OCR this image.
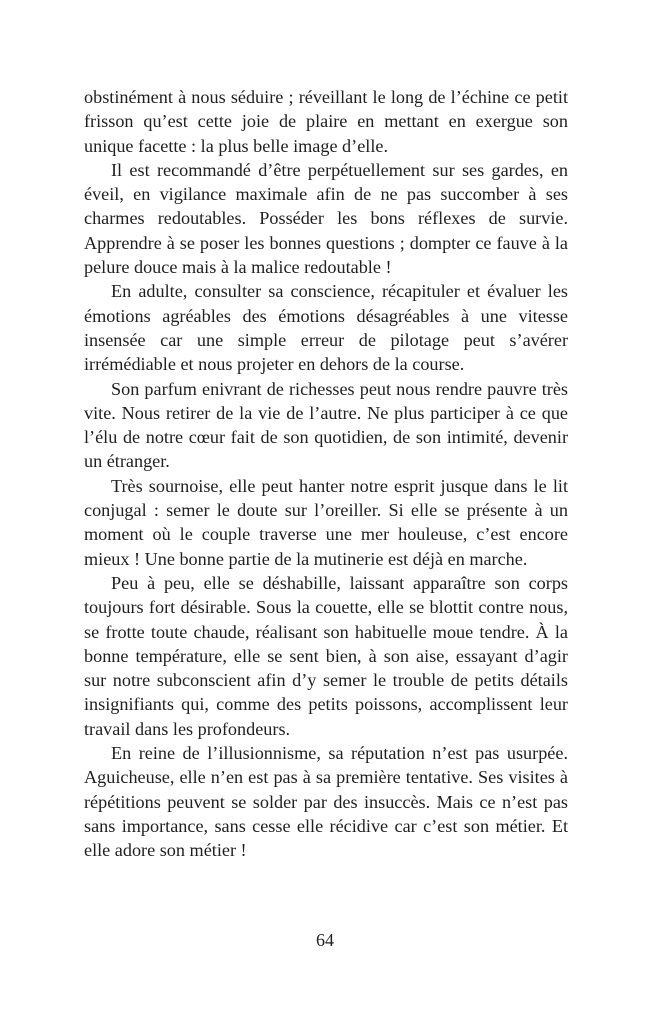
obstinément à nous séduire ; réveillant le long de l’échine ce petit frisson qu’est cette joie de plaire en mettant en exergue son unique facette : la plus belle image d’elle.

Il est recommandé d’être perpétuellement sur ses gardes, en éveil, en vigilance maximale afin de ne pas succomber à ses charmes redoutables. Posséder les bons réflexes de survie. Apprendre à se poser les bonnes questions ; dompter ce fauve à la pelure douce mais à la malice redoutable !

En adulte, consulter sa conscience, récapituler et évaluer les émotions agréables des émotions désagréables à une vitesse insensée car une simple erreur de pilotage peut s’avérer irrémédiable et nous projeter en dehors de la course.

Son parfum enivrant de richesses peut nous rendre pauvre très vite. Nous retirer de la vie de l’autre. Ne plus participer à ce que l’élu de notre cœur fait de son quotidien, de son intimité, devenir un étranger.

Très sournoise, elle peut hanter notre esprit jusque dans le lit conjugal : semer le doute sur l’oreiller. Si elle se présente à un moment où le couple traverse une mer houleuse, c’est encore mieux ! Une bonne partie de la mutinerie est déjà en marche.

Peu à peu, elle se déshabille, laissant apparaître son corps toujours fort désirable. Sous la couette, elle se blottit contre nous, se frotte toute chaude, réalisant son habituelle moue tendre. À la bonne température, elle se sent bien, à son aise, essayant d’agir sur notre subconscient afin d’y semer le trouble de petits détails insignifiants qui, comme des petits poissons, accomplissent leur travail dans les profondeurs.

En reine de l’illusionnisme, sa réputation n’est pas usurpée. Aguicheuse, elle n’en est pas à sa première tentative. Ses visites à répétitions peuvent se solder par des insuccès. Mais ce n’est pas sans importance, sans cesse elle récidive car c’est son métier. Et elle adore son métier !

64
